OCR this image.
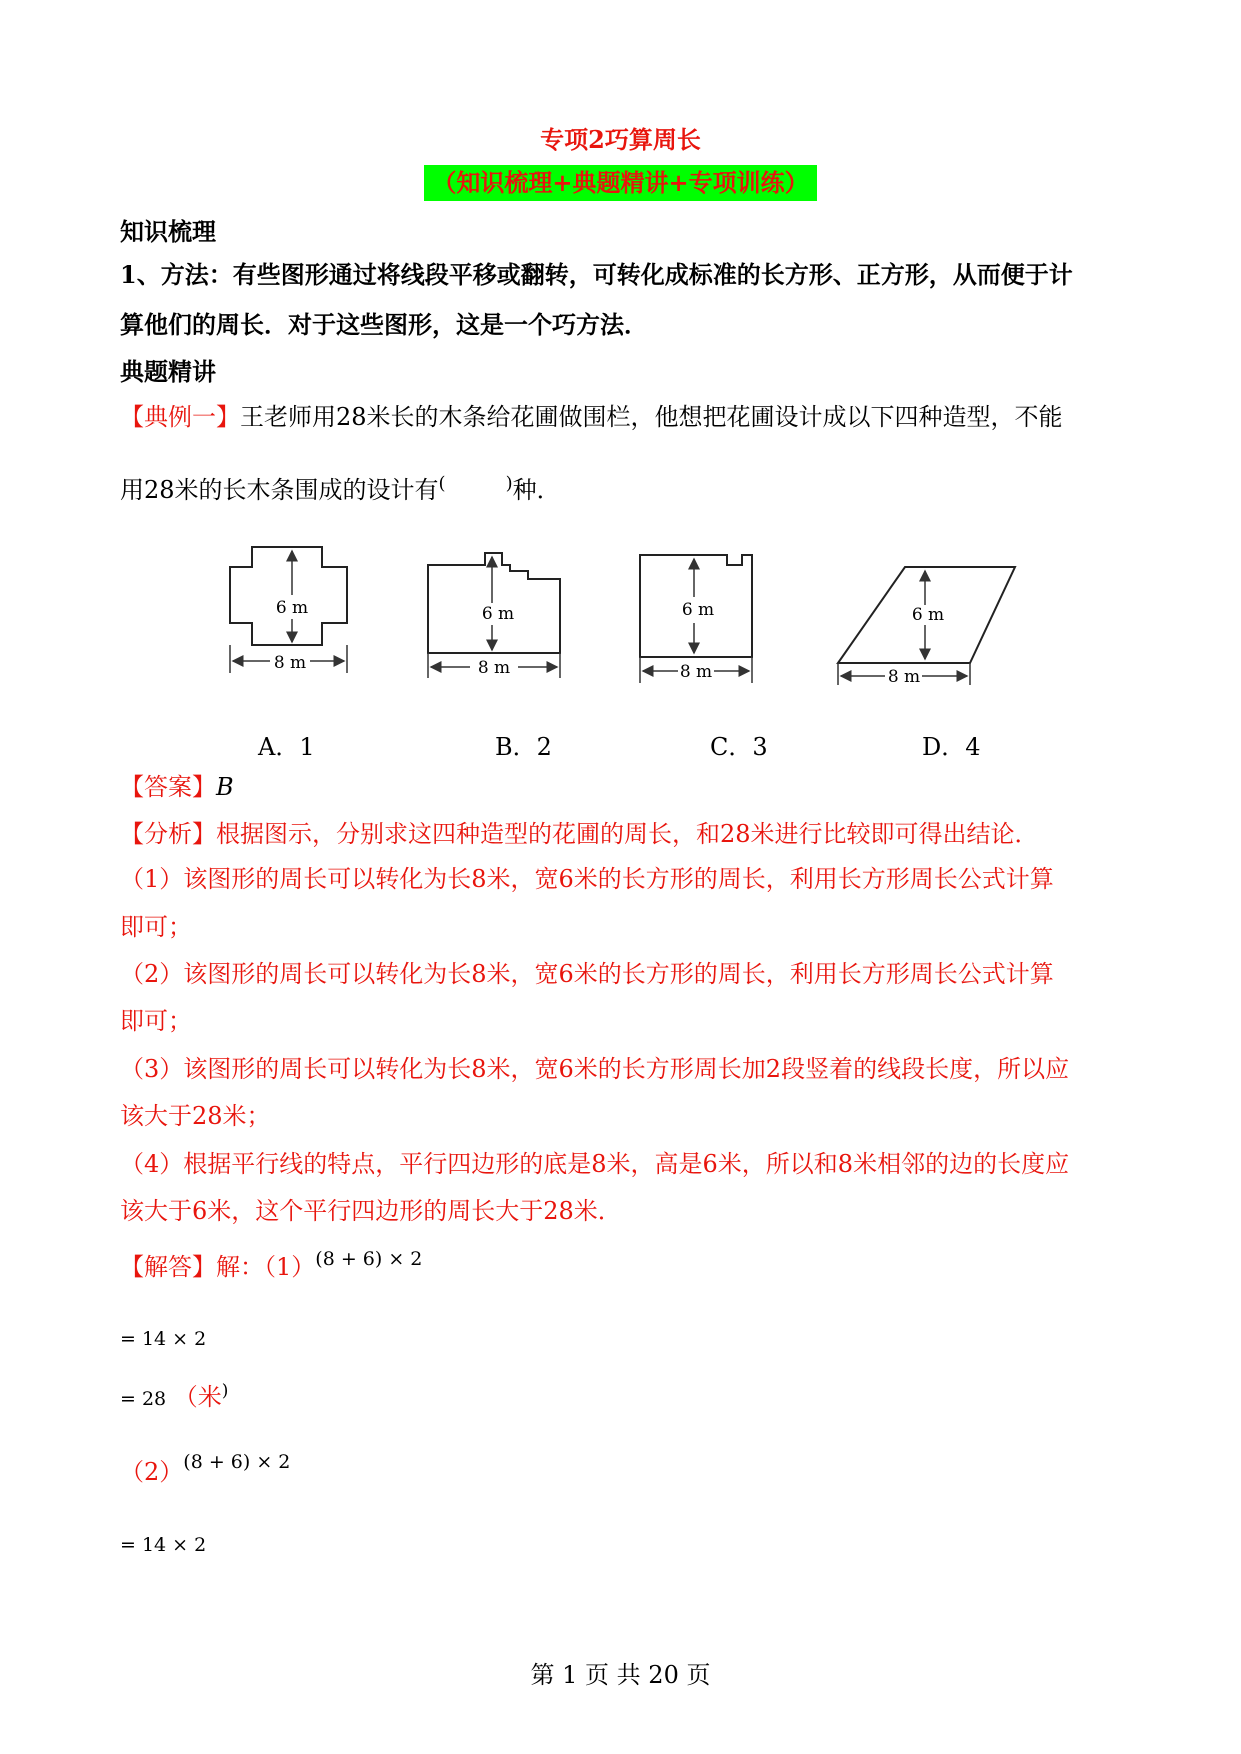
专项2巧算周长
（知识梳理+典题精讲+专项训练）
知识梳理
1、方法：有些图形通过将线段平移或翻转，可转化成标准的长方形、正方形，从而便于计
算他们的周长．对于这些图形，这是一个巧方法．
典题精讲
【典例一】王老师用28米长的木条给花圃做围栏，他想把花圃设计成以下四种造型，不能
用28米的长木条围成的设计有(	)种．
6 m
8 m
6 m
8 m
6 m
8 m
6 m
8 m
A．1	B．2	C．3	D．4
【答案】B
【分析】根据图示，分别求这四种造型的花圃的周长，和28米进行比较即可得出结论．
（1）该图形的周长可以转化为长8米，宽6米的长方形的周长，利用长方形周长公式计算
即可；
（2）该图形的周长可以转化为长8米，宽6米的长方形的周长，利用长方形周长公式计算
即可；
（3）该图形的周长可以转化为长8米，宽6米的长方形周长加2段竖着的线段长度，所以应
该大于28米；
（4）根据平行线的特点，平行四边形的底是8米，高是6米，所以和8米相邻的边的长度应
该大于6米，这个平行四边形的周长大于28米．
【解答】解：$(1)^{(8 + 6) \times 2}$
= 14 × 2
= 28 （米)
$(2)^{(8 + 6) \times 2}$
= 14 × 2
第 1 页 共 20 页
